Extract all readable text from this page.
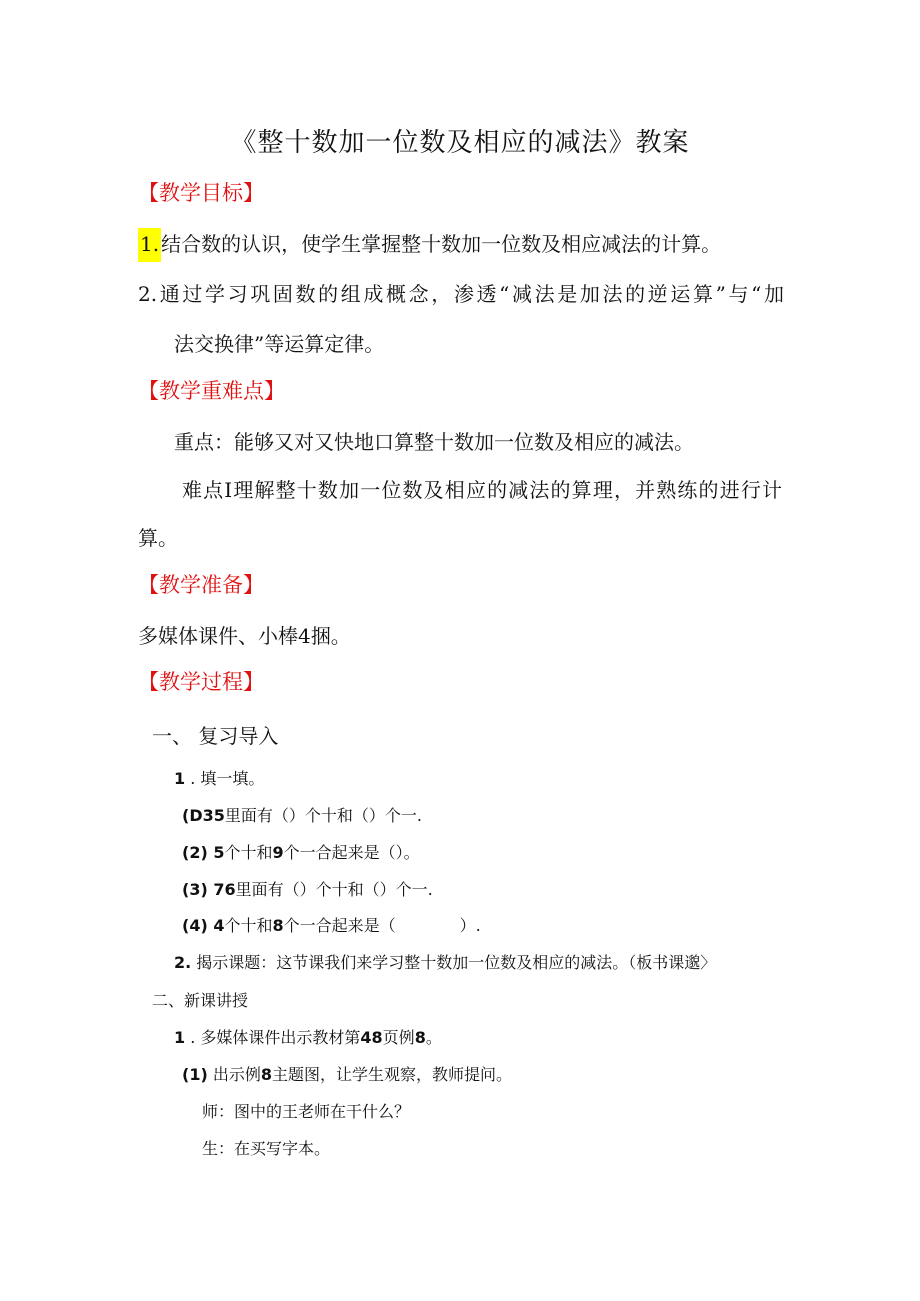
《整十数加一位数及相应的减法》教案
【教学目标】
1. 结合数的认识，使学生掌握整十数加一位数及相应减法的计算。
2.通过学习巩固数的组成概念，渗透“减法是加法的逆运算”与“加
法交换律”等运算定律。
【教学重难点】
重点：能够又对又快地口算整十数加一位数及相应的减法。
难点I理解整十数加一位数及相应的减法的算理，并熟练的进行计
算。
【教学准备】
多媒体课件、小棒4捆。
【教学过程】
一、 复习导入
1 . 填一填。
(D35里面有（）个十和（）个一.
(2) 5个十和9个一合起来是（）。
(3) 76里面有（）个十和（）个一.
(4) 4个十和8个一合起来是（　　　　）.
2. 揭示课题：这节课我们来学习整十数加一位数及相应的减法。（板书课邈〉
二、新课讲授
1 . 多媒体课件出示教材第48页例8。
(1) 出示例8主题图，让学生观察，教师提问。
师：图中的王老师在干什么？
生：在买写字本。
